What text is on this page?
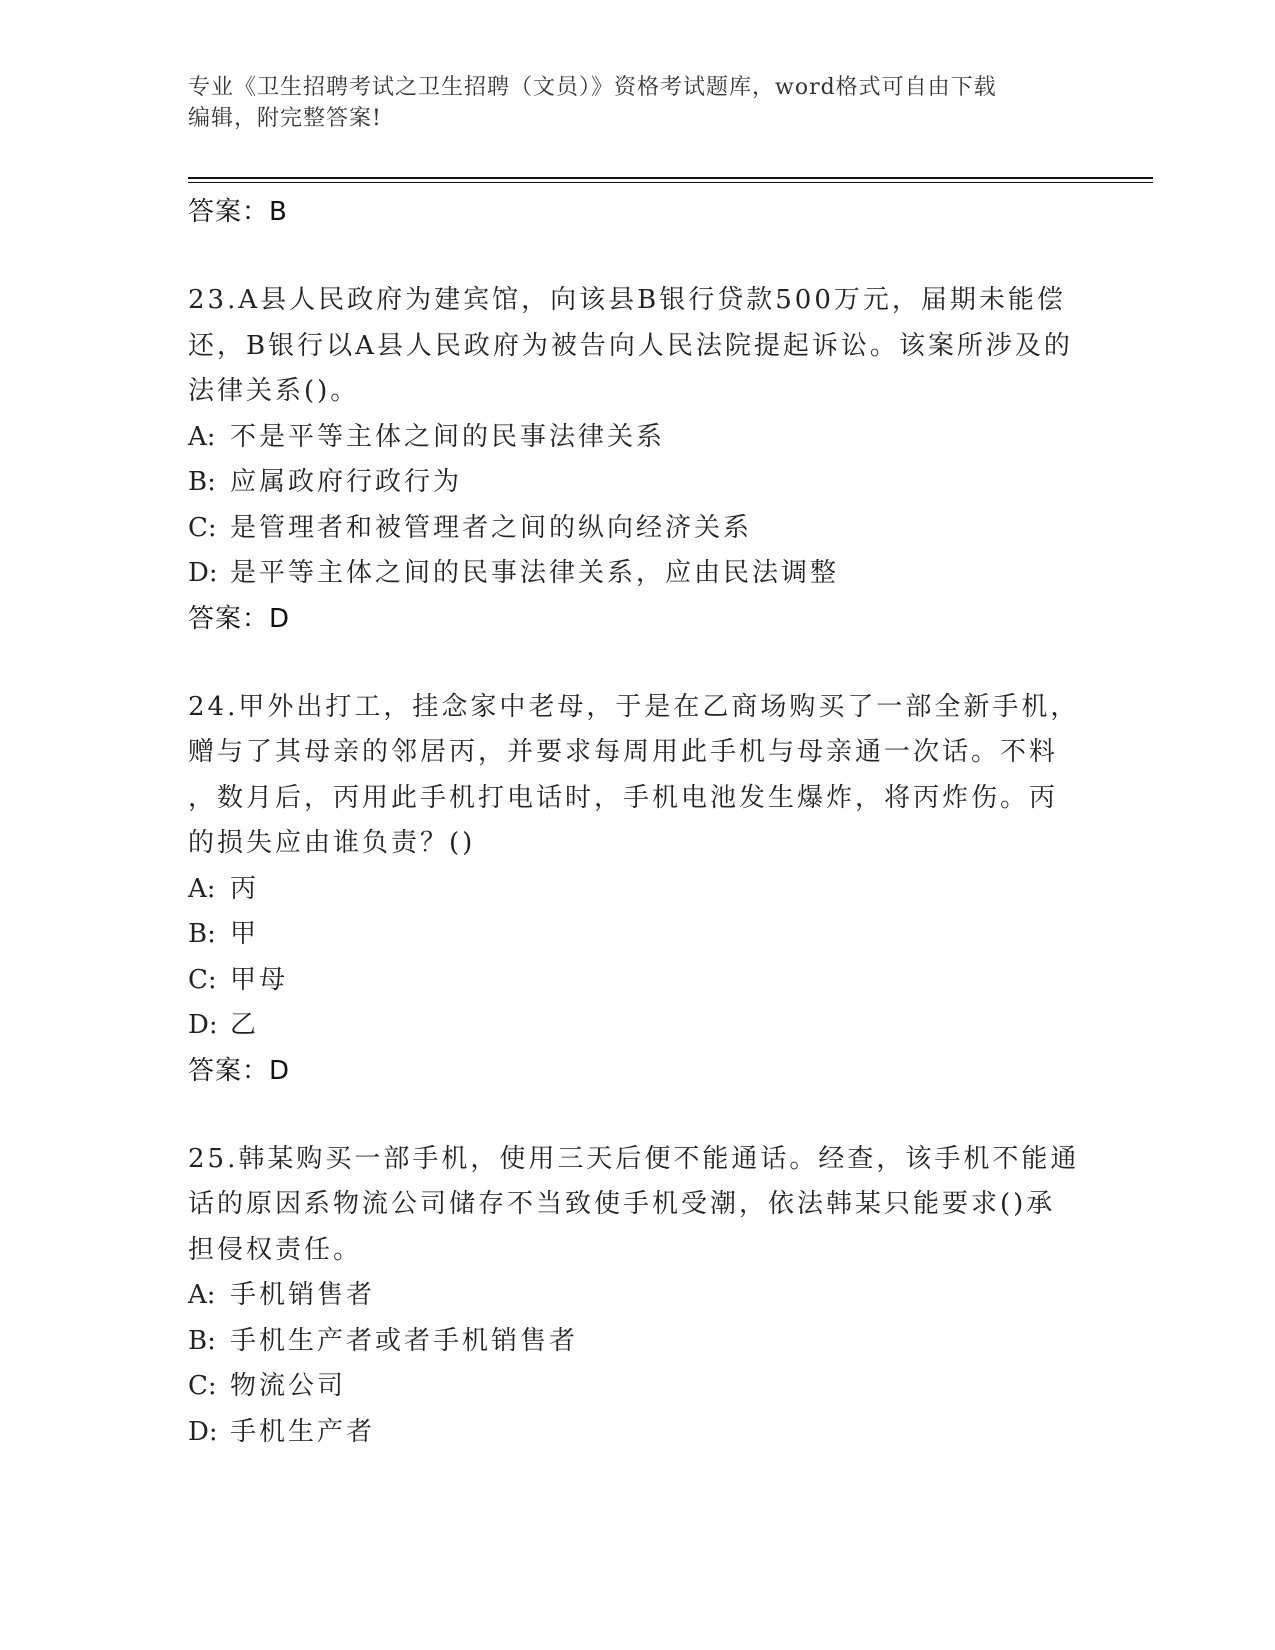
专业《卫生招聘考试之卫生招聘（文员）》资格考试题库，word格式可自由下载
编辑，附完整答案!
答案：B
23.A县人民政府为建宾馆，向该县B银行贷款500万元，届期未能偿
还，B银行以A县人民政府为被告向人民法院提起诉讼。该案所涉及的
法律关系()。
A: 不是平等主体之间的民事法律关系
B: 应属政府行政行为
C: 是管理者和被管理者之间的纵向经济关系
D: 是平等主体之间的民事法律关系，应由民法调整
答案：D
24.甲外出打工，挂念家中老母，于是在乙商场购买了一部全新手机，
赠与了其母亲的邻居丙，并要求每周用此手机与母亲通一次话。不料
，数月后，丙用此手机打电话时，手机电池发生爆炸，将丙炸伤。丙
的损失应由谁负责？()
A: 丙
B: 甲
C: 甲母
D: 乙
答案：D
25.韩某购买一部手机，使用三天后便不能通话。经查，该手机不能通
话的原因系物流公司储存不当致使手机受潮，依法韩某只能要求()承
担侵权责任。
A: 手机销售者
B: 手机生产者或者手机销售者
C: 物流公司
D: 手机生产者
